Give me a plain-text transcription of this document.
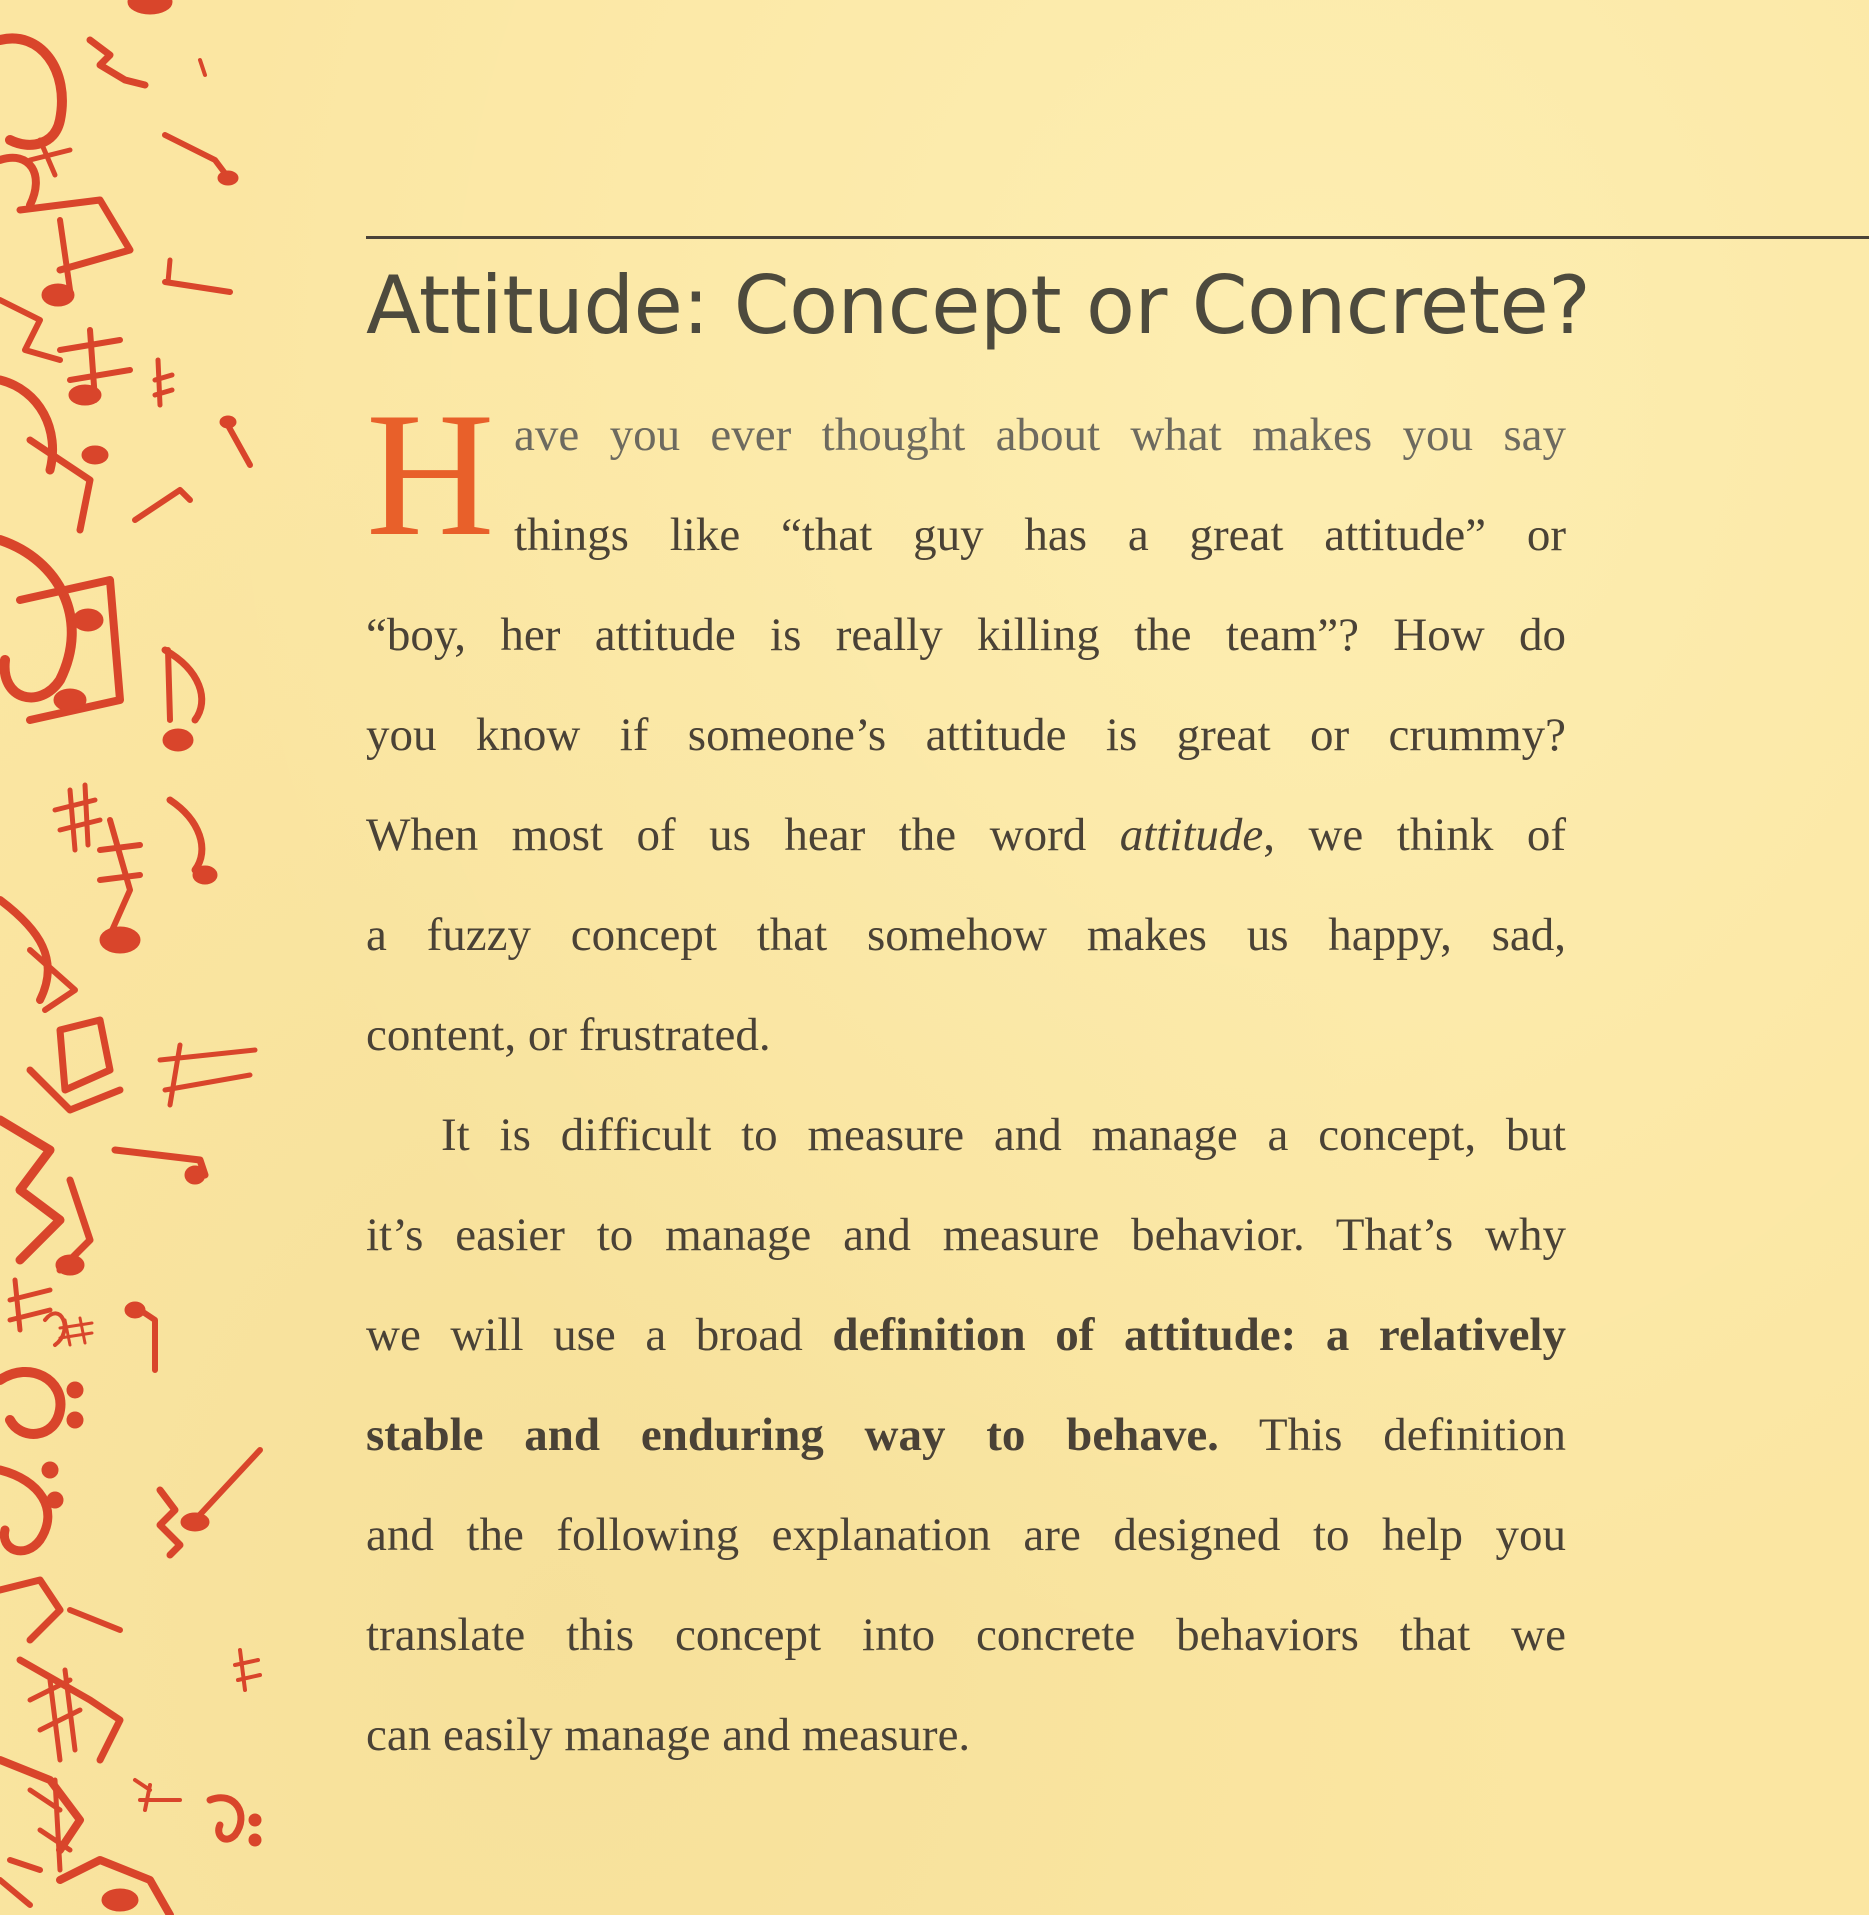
Attitude: Concept or Concrete?
H ave you ever thought about what makes you say
things like “that guy has a great attitude” or
“boy, her attitude is really killing the team”? How do
you know if someone’s attitude is great or crummy?
When most of us hear the word attitude, we think of
a fuzzy concept that somehow makes us happy, sad,
content, or frustrated.
It is difficult to measure and manage a concept, but
it’s easier to manage and measure behavior. That’s why
we will use a broad definition of attitude: a relatively
stable and enduring way to behave. This definition
and the following explanation are designed to help you
translate this concept into concrete behaviors that we
can easily manage and measure.
